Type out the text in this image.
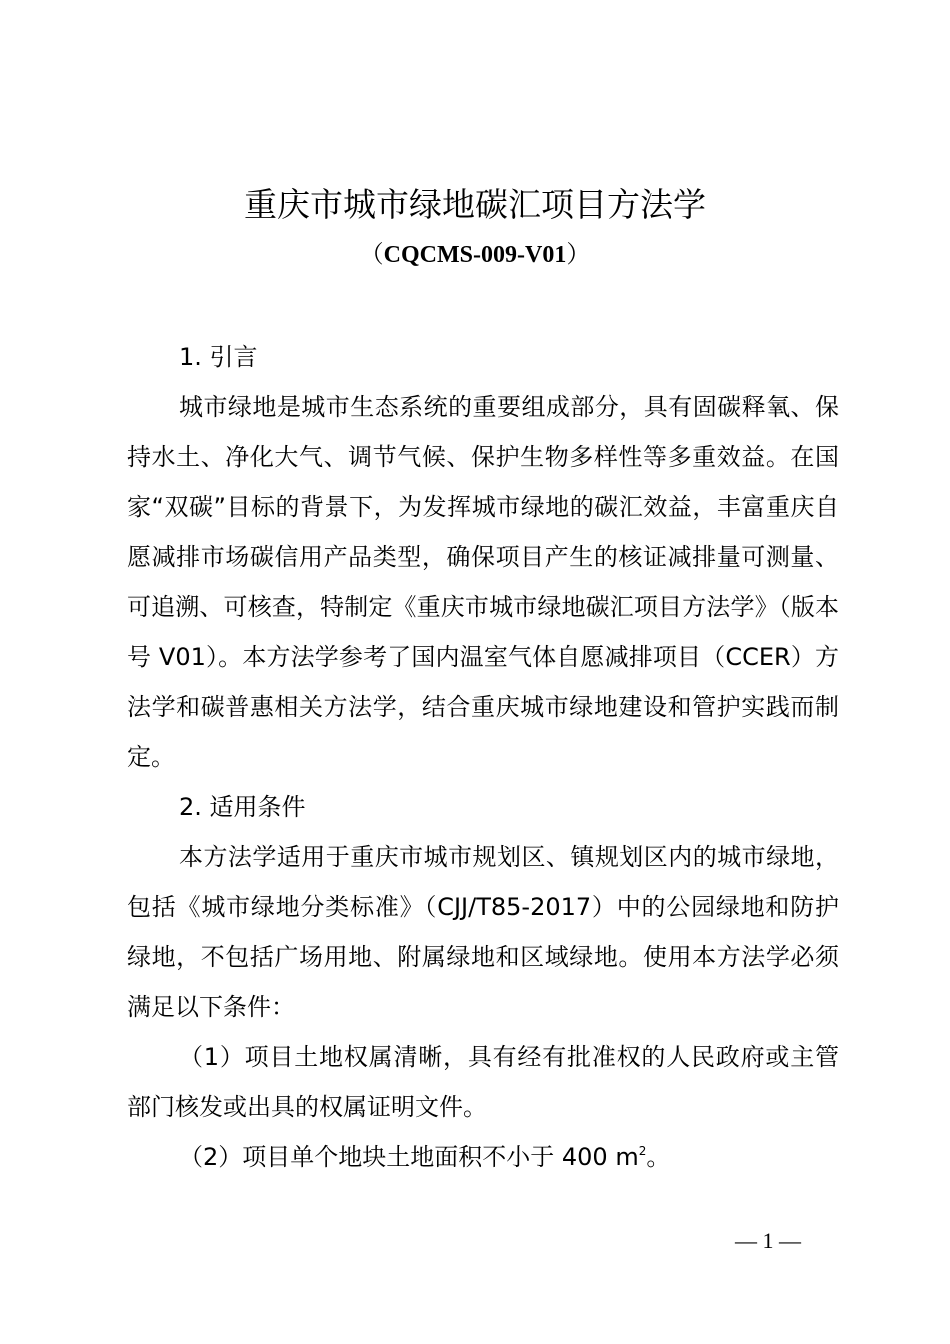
重庆市城市绿地碳汇项目方法学
（CQCMS-009-V01）

1. 引言

城市绿地是城市生态系统的重要组成部分，具有固碳释氧、保持水土、净化大气、调节气候、保护生物多样性等多重效益。在国家“双碳”目标的背景下，为发挥城市绿地的碳汇效益，丰富重庆自愿减排市场碳信用产品类型，确保项目产生的核证减排量可测量、可追溯、可核查，特制定《重庆市城市绿地碳汇项目方法学》（版本号 V01）。本方法学参考了国内温室气体自愿减排项目（CCER）方法学和碳普惠相关方法学，结合重庆城市绿地建设和管护实践而制定。

2. 适用条件

本方法学适用于重庆市城市规划区、镇规划区内的城市绿地，包括《城市绿地分类标准》（CJJ/T85-2017）中的公园绿地和防护绿地，不包括广场用地、附属绿地和区域绿地。使用本方法学必须满足以下条件：

（1）项目土地权属清晰，具有经有批准权的人民政府或主管部门核发或出具的权属证明文件。

（2）项目单个地块土地面积不小于 400 $m^2$。

— 1 —
